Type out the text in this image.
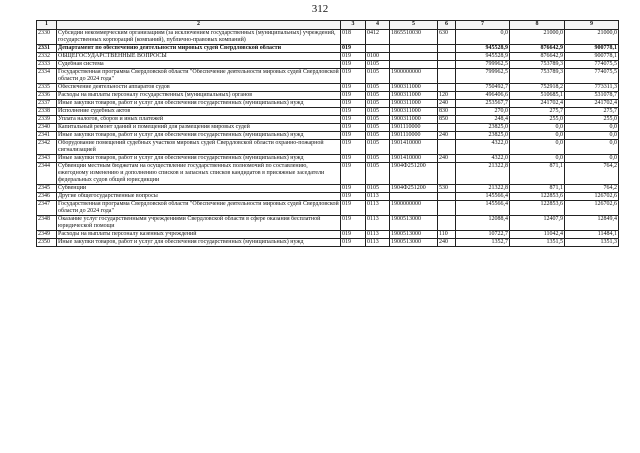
312
1	2	3	4	5	6	7	8	9
2330	Субсидии некоммерческим организациям (за исключением государственных (муниципальных) учреждений, государственных корпораций (компаний), публично-правовых компаний)	018	0412	1865510030	630	0,0	21000,0	21000,0
2331	Департамент по обеспечению деятельности мировых судей Свердловской области	019				945528,9	876642,9	900778,1
2332	ОБЩЕГОСУДАРСТВЕННЫЕ ВОПРОСЫ	019	0100			945528,9	876642,9	900778,1
2333	Судебная система	019	0105			799962,5	753789,3	774075,5
2334	Государственная программа Свердловской области "Обеспечение деятельности мировых судей Свердловской области до 2024 года"	019	0105	1900000000		799962,5	753789,3	774075,5
2335	Обеспечение деятельности аппаратов судов	019	0105	1900311000		750492,7	752918,2	773311,3
2336	Расходы на выплаты персоналу государственных (муниципальных) органов	019	0105	1900311000	120	496406,6	510685,1	531078,7
2337	Иные закупки товаров, работ и услуг для обеспечения государственных (муниципальных) нужд	019	0105	1900311000	240	253567,7	241702,4	241702,4
2338	Исполнение судебных актов	019	0105	1900311000	830	270,0	275,7	275,7
2339	Уплата налогов, сборов и иных платежей	019	0105	1900311000	850	248,4	255,0	255,0
2340	Капитальный ремонт зданий и помещений для размещения мировых судей	019	0105	1901110000		23825,0	0,0	0,0
2341	Иные закупки товаров, работ и услуг для обеспечения государственных (муниципальных) нужд	019	0105	1901110000	240	23825,0	0,0	0,0
2342	Оборудование помещений судебных участков мировых судей Свердловской области охранно-пожарной сигнализацией	019	0105	1901410000		4322,0	0,0	0,0
2343	Иные закупки товаров, работ и услуг для обеспечения государственных (муниципальных) нужд	019	0105	1901410000	240	4322,0	0,0	0,0
2344	Субвенции местным бюджетам на осуществление государственных полномочий по составлению, ежегодному изменению и дополнению списков и запасных списков кандидатов в присяжные заседатели федеральных судов общей юрисдикции	019	0105	1904Ф251200		21322,8	871,1	764,2
2345	Субвенции	019	0105	1904Ф251200	530	21322,8	871,1	764,2
2346	Другие общегосударственные вопросы	019	0113			145566,4	122853,6	126702,6
2347	Государственная программа Свердловской области "Обеспечение деятельности мировых судей Свердловской области до 2024 года"	019	0113	1900000000		145566,4	122853,6	126702,6
2348	Оказание услуг государственными учреждениями Свердловской области в сфере оказания бесплатной юридической помощи	019	0113	1900513000		12088,4	12407,9	12849,4
2349	Расходы на выплаты персоналу казенных учреждений	019	0113	1900513000	110	10722,7	11042,4	11484,1
2350	Иные закупки товаров, работ и услуг для обеспечения государственных (муниципальных) нужд	019	0113	1900513000	240	1352,7	1351,5	1351,3
